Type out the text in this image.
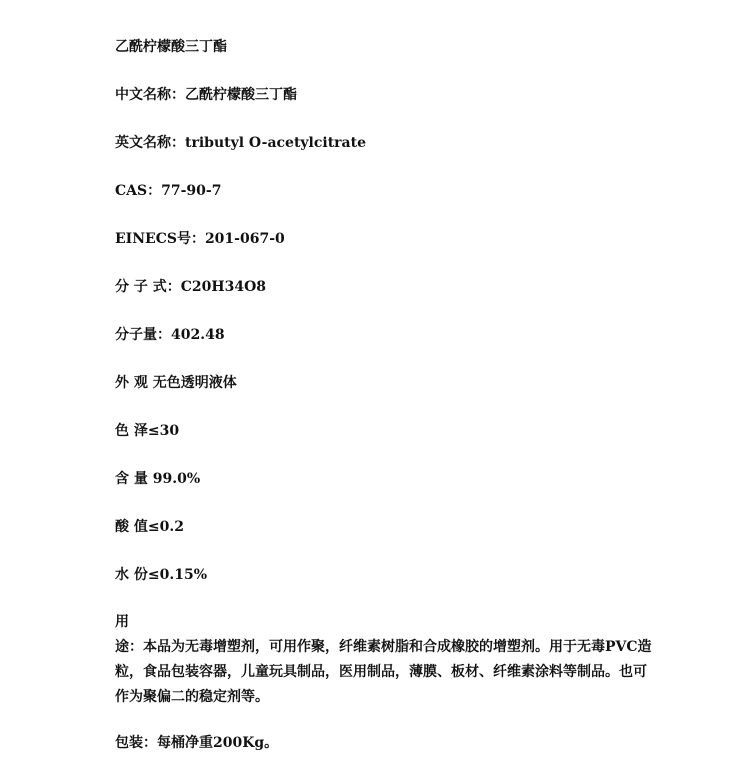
乙酰柠檬酸三丁酯
中文名称：乙酰柠檬酸三丁酯
英文名称：tributyl O-acetylcitrate
CAS：77-90-7
EINECS号：201-067-0
分 子 式：C20H34O8
分子量：402.48
外 观 无色透明液体
色 泽≤30
含 量 99.0%
酸 值≤0.2
水 份≤0.15%
用
途：本品为无毒增塑剂，可用作聚，纤维素树脂和合成橡胶的增塑剂。用于无毒PVC造粒，食品包装容器，儿童玩具制品，医用制品，薄膜、板材、纤维素涂料等制品。也可作为聚偏二的稳定剂等。
包装：每桶净重200Kg。
